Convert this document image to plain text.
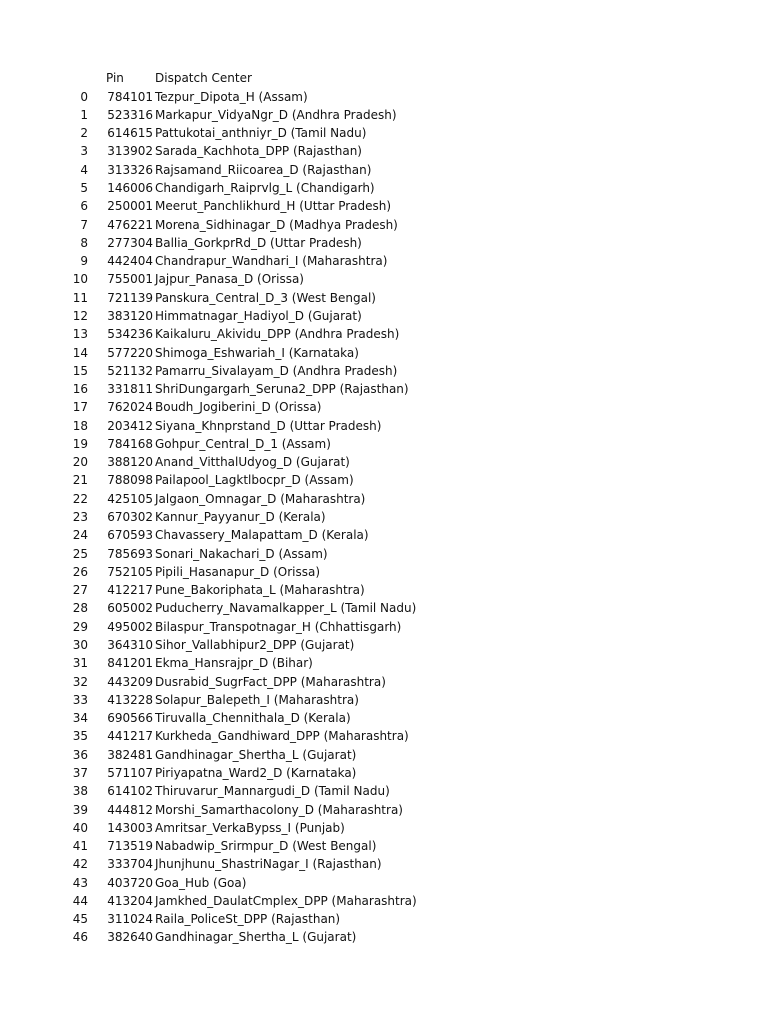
Pin	Dispatch Center
0	784101 Tezpur_Dipota_H (Assam)
1	523316 Markapur_VidyaNgr_D (Andhra Pradesh)
2	614615 Pattukotai_anthniyr_D (Tamil Nadu)
3	313902 Sarada_Kachhota_DPP (Rajasthan)
4	313326 Rajsamand_Riicoarea_D (Rajasthan)
5	146006 Chandigarh_Raiprvlg_L (Chandigarh)
6	250001 Meerut_Panchlikhurd_H (Uttar Pradesh)
7	476221 Morena_Sidhinagar_D (Madhya Pradesh)
8	277304 Ballia_GorkprRd_D (Uttar Pradesh)
9	442404 Chandrapur_Wandhari_I (Maharashtra)
10	755001 Jajpur_Panasa_D (Orissa)
11	721139 Panskura_Central_D_3 (West Bengal)
12	383120 Himmatnagar_Hadiyol_D (Gujarat)
13	534236 Kaikaluru_Akividu_DPP (Andhra Pradesh)
14	577220 Shimoga_Eshwariah_I (Karnataka)
15	521132 Pamarru_Sivalayam_D (Andhra Pradesh)
16	331811 ShriDungargarh_Seruna2_DPP (Rajasthan)
17	762024 Boudh_Jogiberini_D (Orissa)
18	203412 Siyana_Khnprstand_D (Uttar Pradesh)
19	784168 Gohpur_Central_D_1 (Assam)
20	388120 Anand_VitthalUdyog_D (Gujarat)
21	788098 Pailapool_Lagktlbocpr_D (Assam)
22	425105 Jalgaon_Omnagar_D (Maharashtra)
23	670302 Kannur_Payyanur_D (Kerala)
24	670593 Chavassery_Malapattam_D (Kerala)
25	785693 Sonari_Nakachari_D (Assam)
26	752105 Pipili_Hasanapur_D (Orissa)
27	412217 Pune_Bakoriphata_L (Maharashtra)
28	605002 Puducherry_Navamalkapper_L (Tamil Nadu)
29	495002 Bilaspur_Transpotnagar_H (Chhattisgarh)
30	364310 Sihor_Vallabhipur2_DPP (Gujarat)
31	841201 Ekma_Hansrajpr_D (Bihar)
32	443209 Dusrabid_SugrFact_DPP (Maharashtra)
33	413228 Solapur_Balepeth_I (Maharashtra)
34	690566 Tiruvalla_Chennithala_D (Kerala)
35	441217 Kurkheda_Gandhiward_DPP (Maharashtra)
36	382481 Gandhinagar_Shertha_L (Gujarat)
37	571107 Piriyapatna_Ward2_D (Karnataka)
38	614102 Thiruvarur_Mannargudi_D (Tamil Nadu)
39	444812 Morshi_Samarthacolony_D (Maharashtra)
40	143003 Amritsar_VerkaBypss_I (Punjab)
41	713519 Nabadwip_Srirmpur_D (West Bengal)
42	333704 Jhunjhunu_ShastriNagar_I (Rajasthan)
43	403720 Goa_Hub (Goa)
44	413204 Jamkhed_DaulatCmplex_DPP (Maharashtra)
45	311024 Raila_PoliceSt_DPP (Rajasthan)
46	382640 Gandhinagar_Shertha_L (Gujarat)
